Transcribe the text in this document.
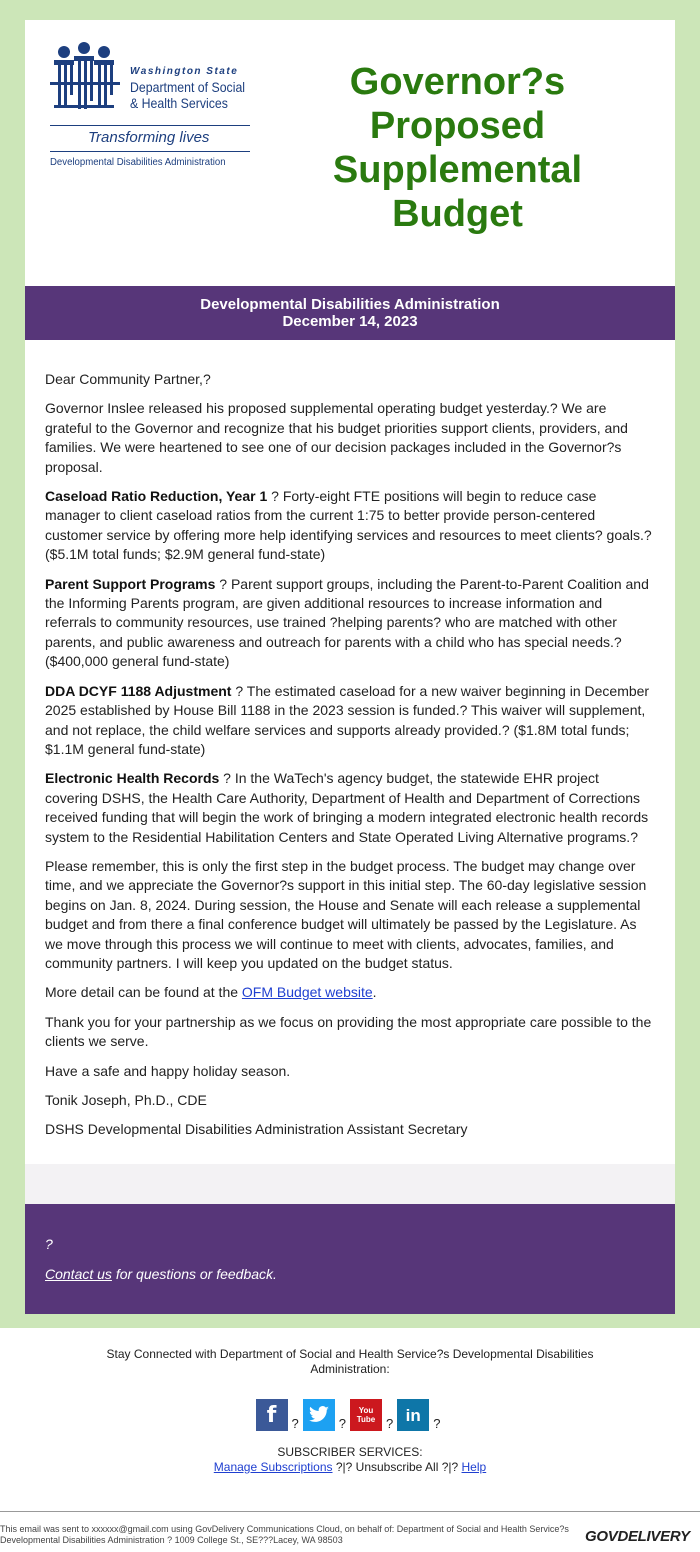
Washington State
Department of Social
& Health Services
Transforming lives
Developmental Disabilities Administration
Governor?s Proposed Supplemental Budget
Developmental Disabilities Administration
December 14, 2023

Dear Community Partner,?

Governor Inslee released his proposed supplemental operating budget yesterday.? We are grateful to the Governor and recognize that his budget priorities support clients, providers, and families. We were heartened to see one of our decision packages included in the Governor?s proposal.

Caseload Ratio Reduction, Year 1 ? Forty-eight FTE positions will begin to reduce case manager to client caseload ratios from the current 1:75 to better provide person-centered customer service by offering more help identifying services and resources to meet clients? goals.? ($5.1M total funds; $2.9M general fund-state)

Parent Support Programs ? Parent support groups, including the Parent-to-Parent Coalition and the Informing Parents program, are given additional resources to increase information and referrals to community resources, use trained ?helping parents? who are matched with other parents, and public awareness and outreach for parents with a child who has special needs.? ($400,000 general fund-state)

DDA DCYF 1188 Adjustment ? The estimated caseload for a new waiver beginning in December 2025 established by House Bill 1188 in the 2023 session is funded.? This waiver will supplement, and not replace, the child welfare services and supports already provided.? ($1.8M total funds; $1.1M general fund-state)

Electronic Health Records ? In the WaTech's agency budget, the statewide EHR project covering DSHS, the Health Care Authority, Department of Health and Department of Corrections received funding that will begin the work of bringing a modern integrated electronic health records system to the Residential Habilitation Centers and State Operated Living Alternative programs.?

Please remember, this is only the first step in the budget process. The budget may change over time, and we appreciate the Governor?s support in this initial step. The 60-day legislative session begins on Jan. 8, 2024. During session, the House and Senate will each release a supplemental budget and from there a final conference budget will ultimately be passed by the Legislature. As we move through this process we will continue to meet with clients, advocates, families, and community partners. I will keep you updated on the budget status.

More detail can be found at the OFM Budget website.

Thank you for your partnership as we focus on providing the most appropriate care possible to the clients we serve.

Have a safe and happy holiday season.

Tonik Joseph, Ph.D., CDE

DSHS Developmental Disabilities Administration Assistant Secretary

?

Contact us for questions or feedback.

Stay Connected with Department of Social and Health Service?s Developmental Disabilities Administration:
f	?	?
You Tube ? in ?
SUBSCRIBER SERVICES:
Manage Subscriptions ?|? Unsubscribe All ?|? Help
This email was sent to xxxxxx@gmail.com using GovDelivery Communications Cloud, on behalf of: Department of Social and Health Service?s Developmental Disabilities Administration ? 1009 College St., SE???Lacey, WA 98503	GOVDELIVERY
